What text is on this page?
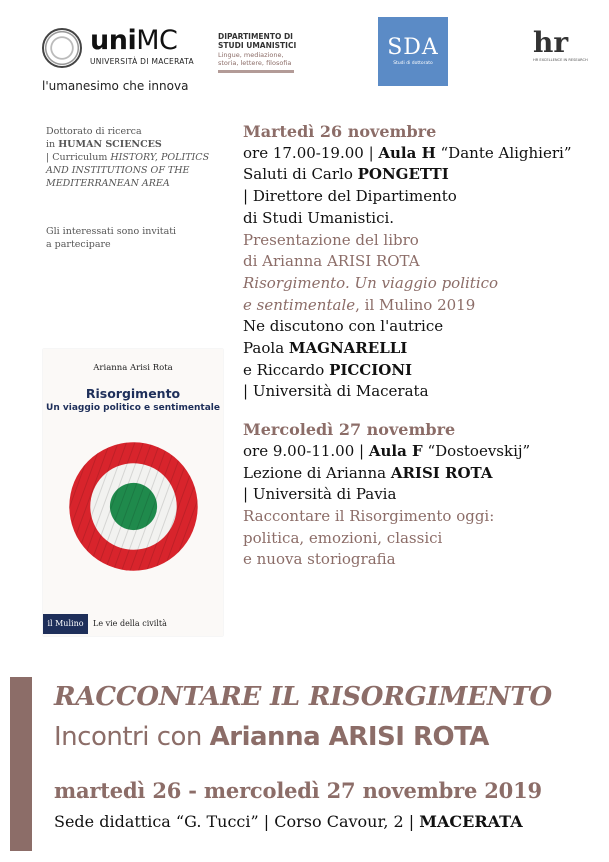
uniMC
UNIVERSITÀ DI MACERATA
l'umanesimo che innova
DIPARTIMENTO DI
STUDI UMANISTICI
Lingue, mediazione,
storia, lettere, filosofia
SDA
Studi di dottorato
hr
HR EXCELLENCE IN RESEARCH
Dottorato di ricerca
in HUMAN SCIENCES
| Curriculum HISTORY, POLITICS
AND INSTITUTIONS OF THE
MEDITERRANEAN AREA
Gli interessati sono invitati
a partecipare
Arianna Arisi Rota
Risorgimento
Un viaggio politico e sentimentale
il Mulino	Le vie della civiltà
Martedì 26 novembre
ore 17.00-19.00 | Aula H “Dante Alighieri”
Saluti di Carlo PONGETTI
| Direttore del Dipartimento
di Studi Umanistici.
Presentazione del libro
di Arianna ARISI ROTA
Risorgimento. Un viaggio politico
e sentimentale, il Mulino 2019
Ne discutono con l'autrice
Paola MAGNARELLI
e Riccardo PICCIONI
| Università di Macerata
Mercoledì 27 novembre
ore 9.00-11.00 | Aula F “Dostoevskij”
Lezione di Arianna ARISI ROTA
| Università di Pavia
Raccontare il Risorgimento oggi:
politica, emozioni, classici
e nuova storiografia
RACCONTARE IL RISORGIMENTO
Incontri con Arianna ARISI ROTA
martedì 26 - mercoledì 27 novembre 2019
Sede didattica “G. Tucci” | Corso Cavour, 2 | MACERATA
